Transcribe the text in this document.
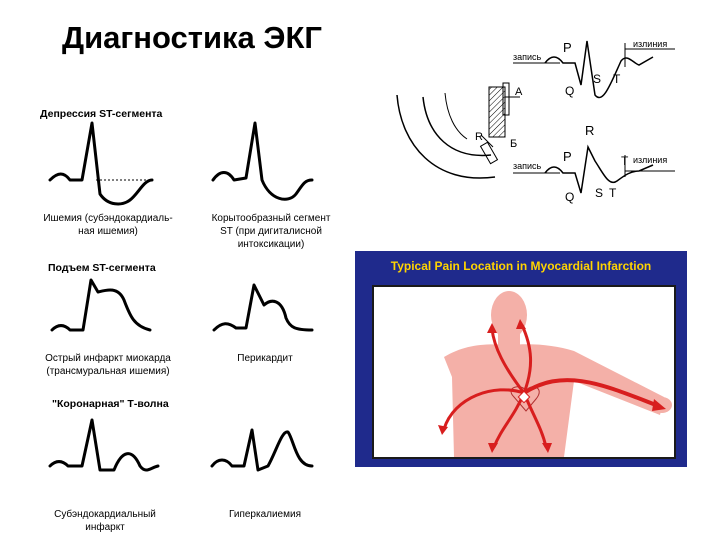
Диагностика ЭКГ
Депрессия ST-сегмента
Подъем ST-сегмента
"Коронарная" Т-волна
Ишемия (субэндокардиаль-
ная ишемия)
Корытообразный сегмент
ST (при дигиталисной
интоксикации)
Острый инфаркт миокарда
(трансмуральная ишемия)
Перикардит
Субэндокардиальный
инфаркт
Гиперкалиемия
A
Б
R
запись
P
S T
Q
излиния
запись
P
R
S T
T
Q
излиния
Typical Pain Location in Myocardial Infarction
